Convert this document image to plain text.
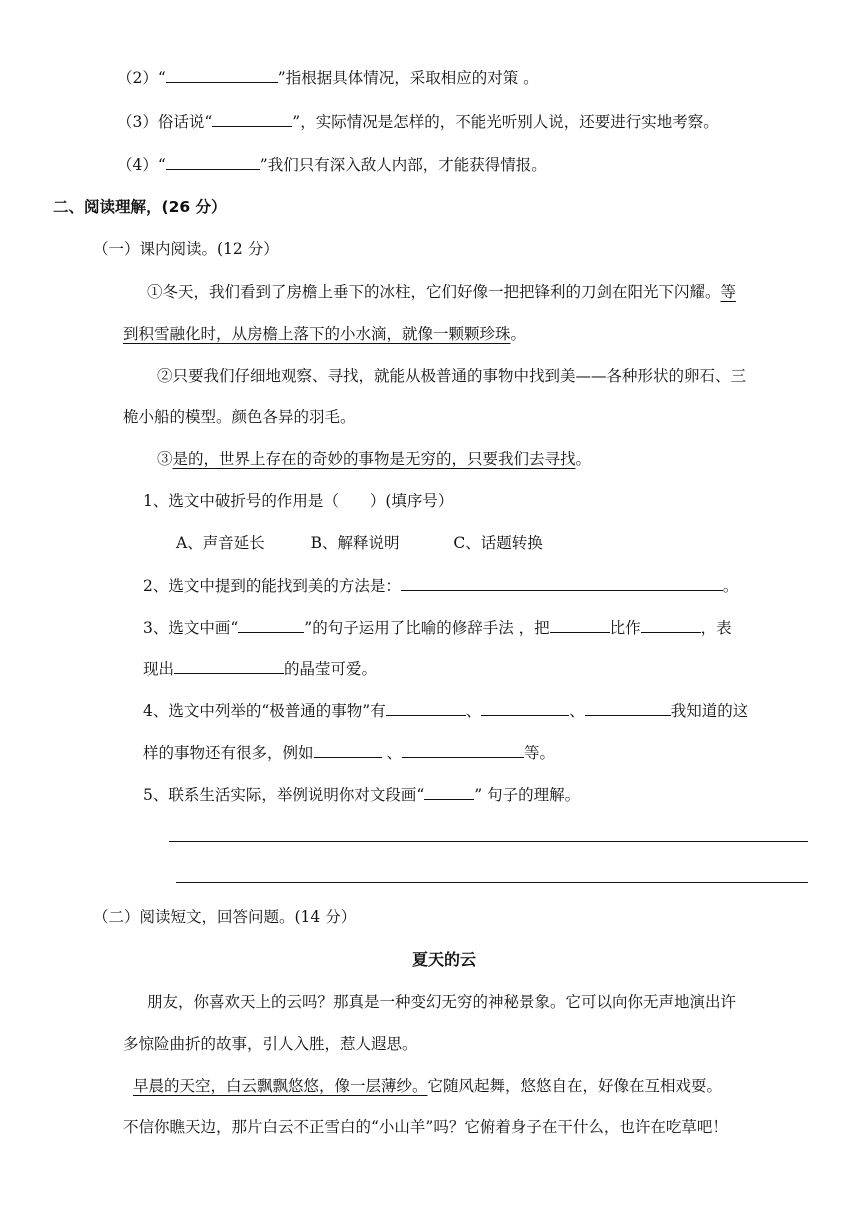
（2）“	”指根据具体情况，采取相应的对策 。
（3）俗话说“	”，实际情况是怎样的，不能光听别人说，还要进行实地考察。
（4）“	”我们只有深入敌人内部，才能获得情报。
二、阅读理解，(26 分）
（一）课内阅读。(12 分）
①冬天，我们看到了房檐上垂下的冰柱，它们好像一把把锋利的刀剑在阳光下闪耀。等
到积雪融化时，从房檐上落下的小水滴，就像一颗颗珍珠。
②只要我们仔细地观察、寻找，就能从极普通的事物中找到美——各种形状的卵石、三
桅小船的模型。颜色各异的羽毛。
③是的，世界上存在的奇妙的事物是无穷的，只要我们去寻找。
1、选文中破折号的作用是（　　）(填序号）
A、声音延长	B、解释说明	C、话题转换
2、选文中提到的能找到美的方法是：	。
3、选文中画“	”的句子运用了比喻的修辞手法 ，把	比作	，表
现出	的晶莹可爱。
4、选文中列举的“极普通的事物”有	、	、	我知道的这
样的事物还有很多，例如	、	等。
5、联系生活实际，举例说明你对文段画“	” 句子的理解。
（二）阅读短文，回答问题。(14 分）
夏天的云
朋友，你喜欢天上的云吗？那真是一种变幻无穷的神秘景象。它可以向你无声地演出许
多惊险曲折的故事，引人入胜，惹人遐思。
早晨的天空，白云飘飘悠悠，像一层薄纱。它随风起舞，悠悠自在，好像在互相戏耍。
不信你瞧天边，那片白云不正雪白的“小山羊”吗？它俯着身子在干什么，也许在吃草吧！
